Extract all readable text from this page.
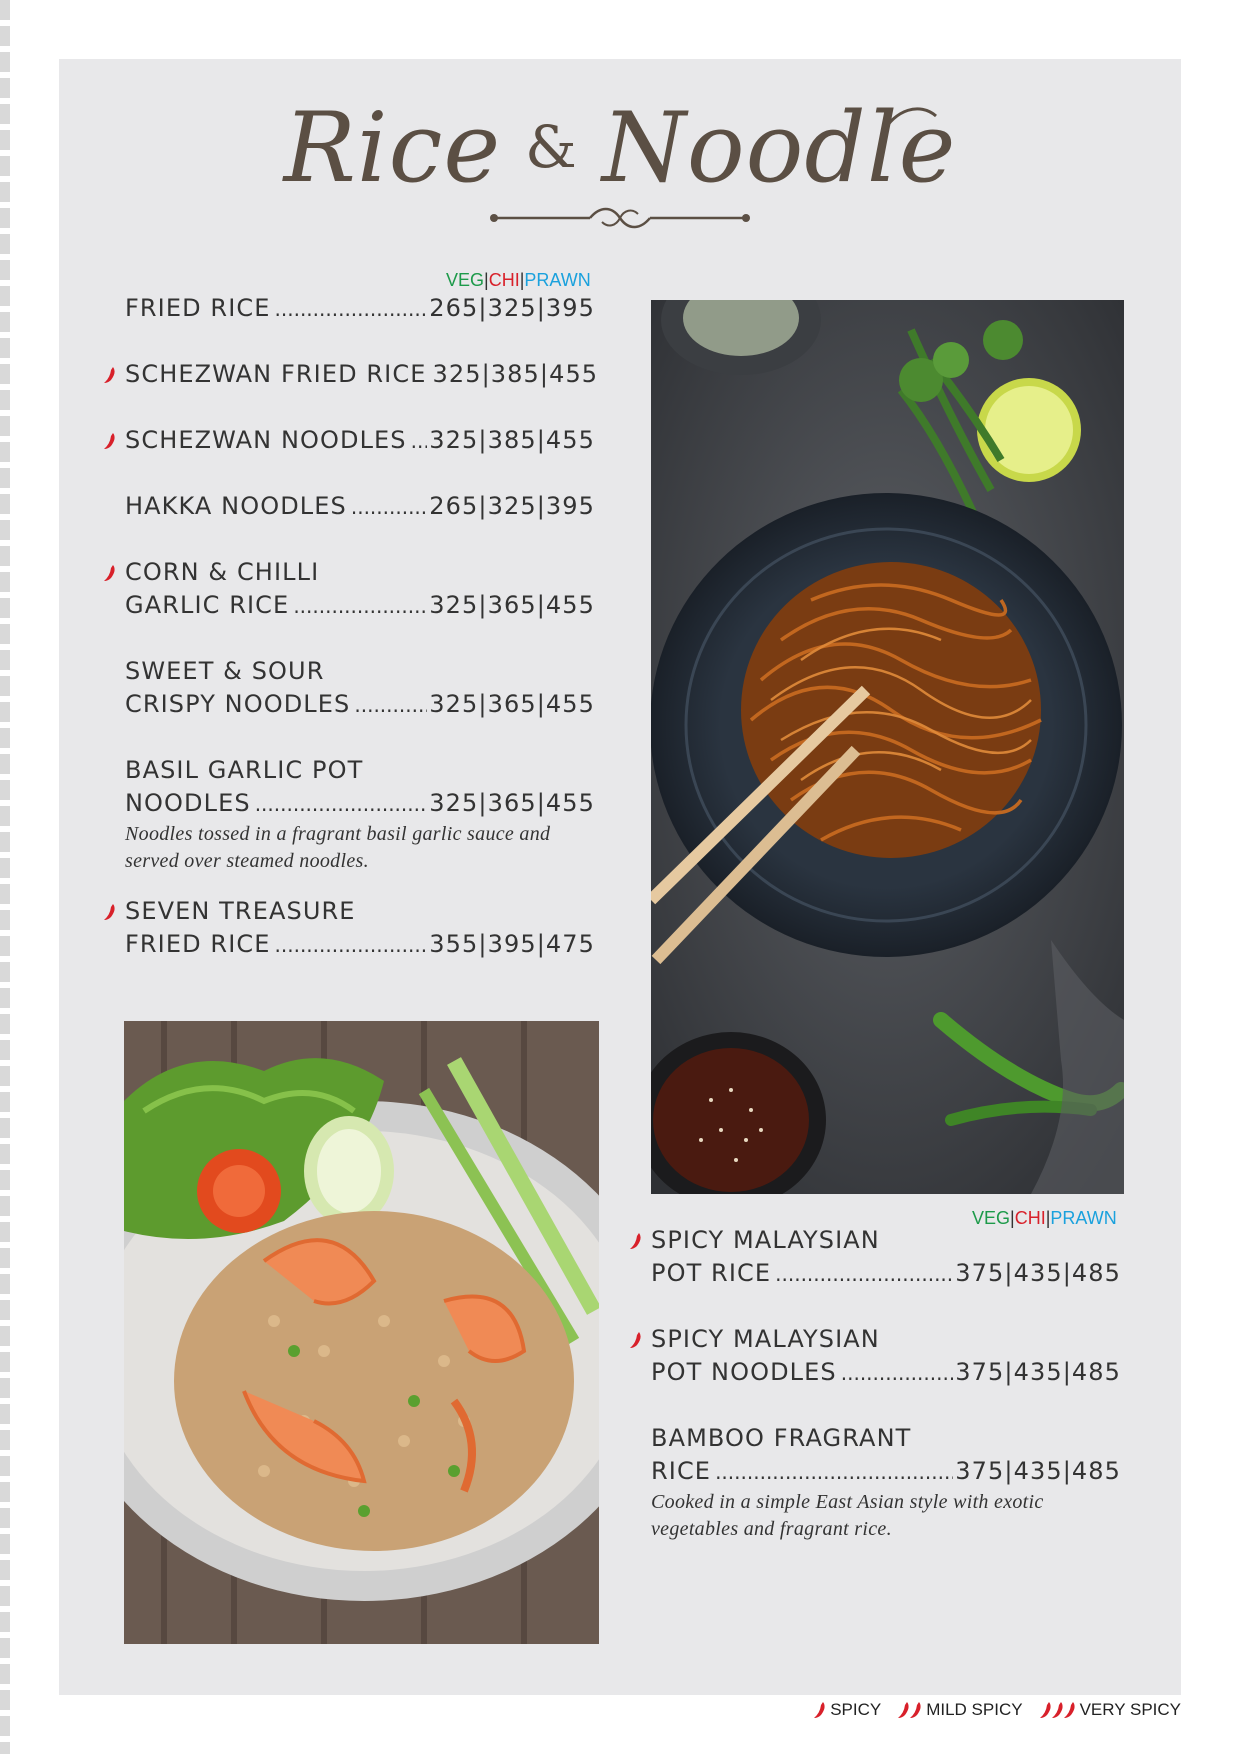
Rice & Noodle
VEG|CHI|PRAWN
FRIED RICE .....	265|325|395
SCHEZWAN FRIED RICE 325|385|455
SCHEZWAN NOODLES ..... 325|385|455
HAKKA NOODLES .....	265|325|395
CORN & CHILLI
GARLIC RICE .....	325|365|455
SWEET & SOUR
CRISPY NOODLES .....	325|365|455
BASIL GARLIC POT
NOODLES .....	325|365|455
Noodles tossed in a fragrant basil garlic sauce and
served over steamed noodles.
SEVEN TREASURE
FRIED RICE .....	355|395|475
VEG|CHI|PRAWN
SPICY MALAYSIAN
POT RICE .....	375|435|485
SPICY MALAYSIAN
POT NOODLES .....	375|435|485
BAMBOO FRAGRANT
RICE .....	375|435|485
Cooked in a simple East Asian style with exotic
vegetables and fragrant rice.
SPICY	MILD SPICY	VERY SPICY
